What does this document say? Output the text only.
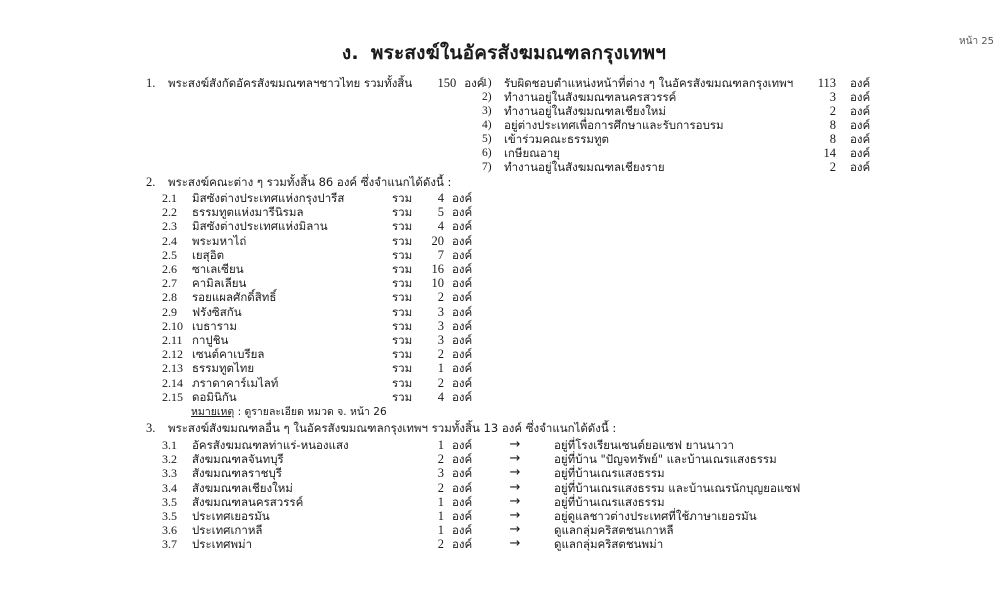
หน้า 25
ง. พระสงฆ์ในอัครสังฆมณฑลกรุงเทพฯ
1. พระสงฆ์สังกัดอัครสังฆมณฑลฯชาวไทย รวมทั้งสิ้น 150 องค์
1)	รับผิดชอบตำแหน่งหน้าที่ต่าง ๆ ในอัครสังฆมณฑลกรุงเทพฯ	113 องค์
2)	ทำงานอยู่ในสังฆมณฑลนครสวรรค์	3 องค์
3)	ทำงานอยู่ในสังฆมณฑลเชียงใหม่	2 องค์
4)	อยู่ต่างประเทศเพื่อการศึกษาและรับการอบรม	8 องค์
5)	เข้าร่วมคณะธรรมทูต	8 องค์
6)	เกษียณอายุ	14 องค์
7)	ทำงานอยู่ในสังฆมณฑลเชียงราย	2 องค์
2. พระสงฆ์คณะต่าง ๆ รวมทั้งสิ้น 86 องค์ ซึ่งจำแนกได้ดังนี้ :
2.1	มิสซังต่างประเทศแห่งกรุงปารีส	รวม	4 องค์
2.2	ธรรมทูตแห่งมารีนิรมล	รวม	5 องค์
2.3	มิสซังต่างประเทศแห่งมิลาน	รวม	4 องค์
2.4	พระมหาไถ่	รวม	20 องค์
2.5	เยสุอิต	รวม	7 องค์
2.6	ซาเลเซียน	รวม	16 องค์
2.7	คามิลเลียน	รวม	10 องค์
2.8	รอยแผลศักดิ์สิทธิ์	รวม	2 องค์
2.9	ฟรังซิสกัน	รวม	3 องค์
2.10 เบธาราม	รวม	3 องค์
2.11 กาปูชิน	รวม	3 องค์
2.12 เซนต์คาเบรียล	รวม	2 องค์
2.13 ธรรมทูตไทย	รวม	1 องค์
2.14 ภราดาคาร์เมไลท์	รวม	2 องค์
2.15 ดอมินิกัน	รวม	4 องค์
หมายเหตุ : ดูรายละเอียด หมวด จ. หน้า 26
3. พระสงฆ์สังฆมณฑลอื่น ๆ ในอัครสังฆมณฑลกรุงเทพฯ รวมทั้งสิ้น 13 องค์ ซึ่งจำแนกได้ดังนี้ :
3.1	อัครสังฆมณฑลท่าแร่-หนองแสง	1 องค์	→	อยู่ที่โรงเรียนเซนต์ยอแซฟ ยานนาวา
3.2	สังฆมณฑลจันทบุรี	2 องค์	→	อยู่ที่บ้าน "ปัญจทรัพย์" และบ้านเณรแสงธรรม
3.3	สังฆมณฑลราชบุรี	3 องค์	→	อยู่ที่บ้านเณรแสงธรรม
3.4	สังฆมณฑลเชียงใหม่	2 องค์	→	อยู่ที่บ้านเณรแสงธรรม และบ้านเณรนักบุญยอแซฟ
3.5	สังฆมณฑลนครสวรรค์	1 องค์	→	อยู่ที่บ้านเณรแสงธรรม
3.5	ประเทศเยอรมัน	1 องค์	→	อยู่ดูแลชาวต่างประเทศที่ใช้ภาษาเยอรมัน
3.6	ประเทศเกาหลี	1 องค์	→	ดูแลกลุ่มคริสตชนเกาหลี
3.7	ประเทศพม่า	2 องค์	→	ดูแลกลุ่มคริสตชนพม่า
